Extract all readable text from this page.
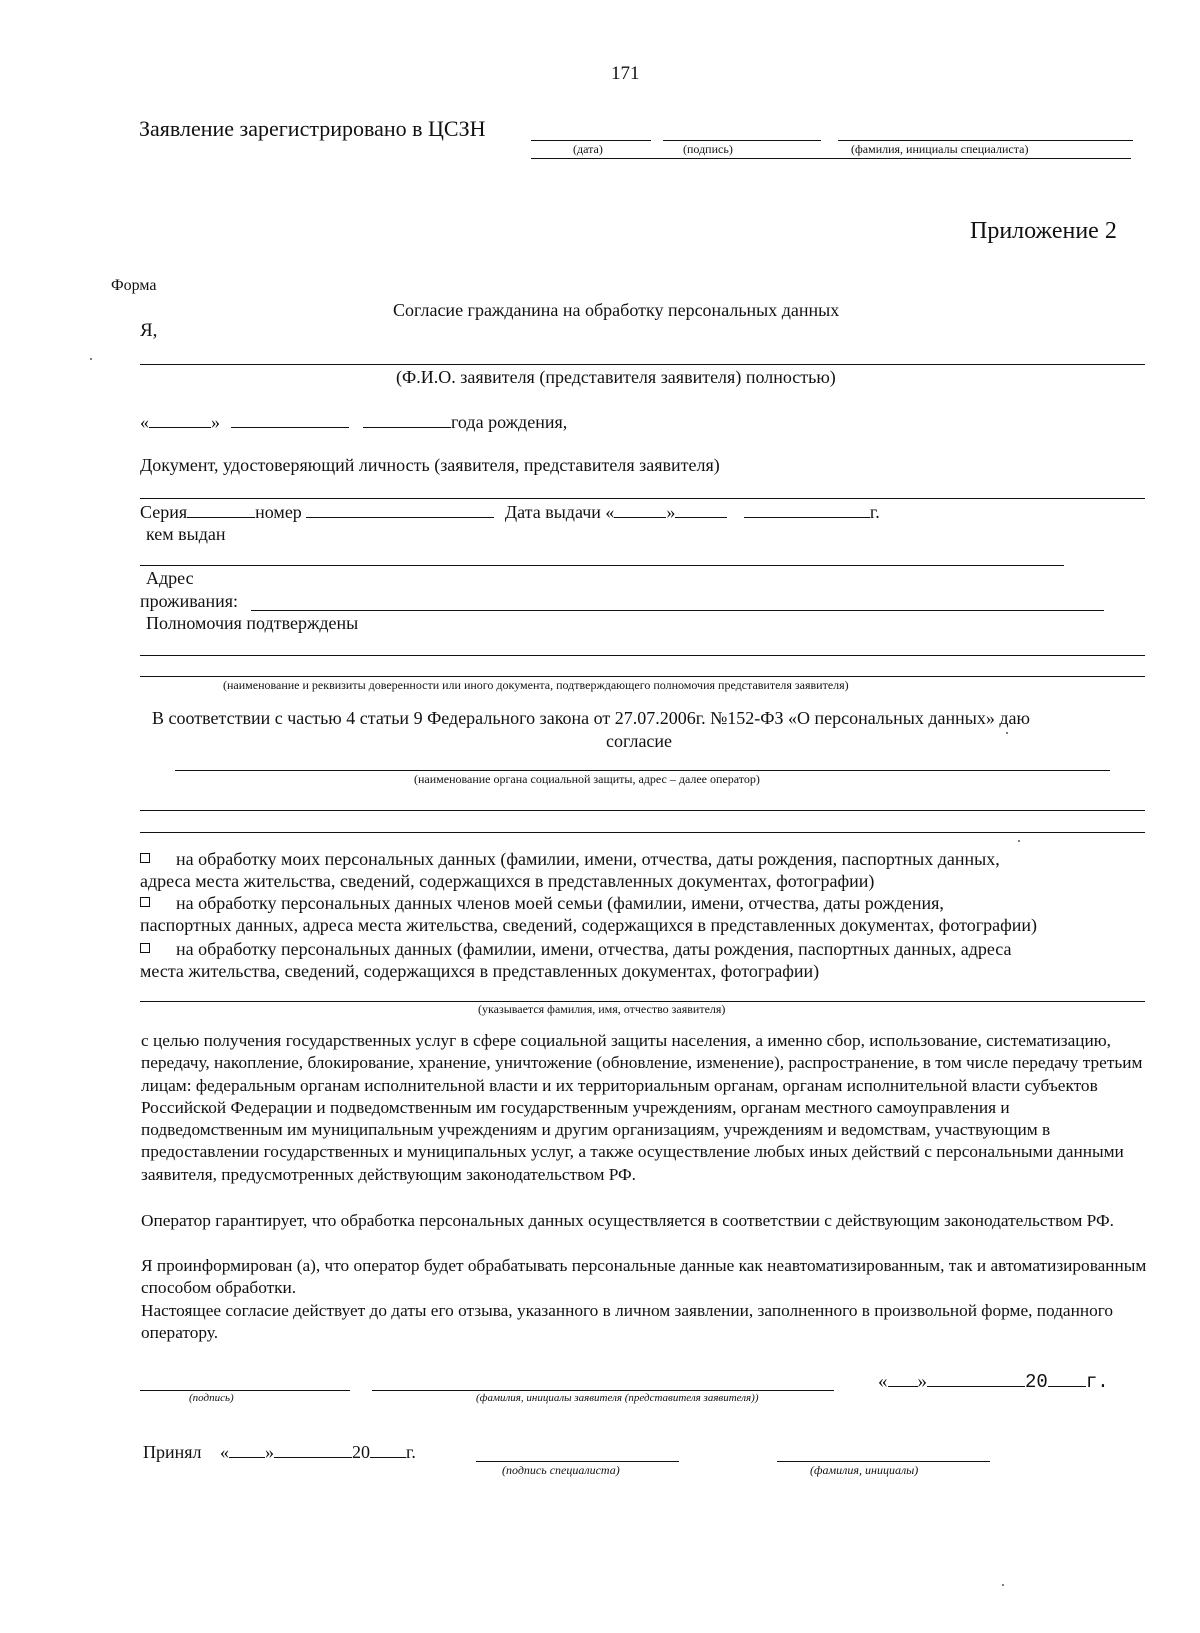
171
Заявление зарегистрировано в ЦСЗН
(дата)	(подпись)	(фамилия, инициалы специалиста)
Приложение 2
Форма
Согласие гражданина на обработку персональных данных
Я,
(Ф.И.О. заявителя (представителя заявителя) полностью)
«	»	года рождения,
Документ, удостоверяющий личность (заявителя, представителя заявителя)
Серия	номер	Дата выдачи «	»	г.
кем выдан
Адрес
проживания:
Полномочия подтверждены
(наименование и реквизиты доверенности или иного документа, подтверждающего полномочия представителя заявителя)
В соответствии с частью 4 статьи 9 Федерального закона от 27.07.2006г. №152-ФЗ «О персональных данных» даю
согласие
(наименование органа социальной защиты, адрес – далее оператор)
на обработку моих персональных данных (фамилии, имени, отчества, даты рождения, паспортных данных,
адреса места жительства, сведений, содержащихся в представленных документах, фотографии)
на обработку персональных данных членов моей семьи (фамилии, имени, отчества, даты рождения,
паспортных данных, адреса места жительства, сведений, содержащихся в представленных документах, фотографии)
на обработку персональных данных (фамилии, имени, отчества, даты рождения, паспортных данных, адреса
места жительства, сведений, содержащихся в представленных документах, фотографии)
(указывается фамилия, имя, отчество заявителя)
с целью получения государственных услуг в сфере социальной защиты населения, а именно сбор, использование, систематизацию, передачу, накопление, блокирование, хранение, уничтожение (обновление, изменение), распространение, в том числе передачу третьим лицам: федеральным органам исполнительной власти и их территориальным органам, органам исполнительной власти субъектов Российской Федерации и подведомственным им государственным учреждениям, органам местного самоуправления и подведомственным им муниципальным учреждениям и другим организациям, учреждениям и ведомствам, участвующим в предоставлении государственных и муниципальных услуг, а также осуществление любых иных действий с персональными данными заявителя, предусмотренных действующим законодательством РФ.
Оператор гарантирует, что обработка персональных данных осуществляется в соответствии с действующим законодательством РФ.
Я проинформирован (а), что оператор будет обрабатывать персональные данные как неавтоматизированным, так и автоматизированным способом обработки.
Настоящее согласие действует до даты его отзыва, указанного в личном заявлении, заполненного в произвольной форме, поданного оператору.
(подпись)	(фамилия, инициалы заявителя (представителя заявителя))
« »	20 г.
Принял « »	20 г.
(подпись специалиста)	(фамилия, инициалы)
